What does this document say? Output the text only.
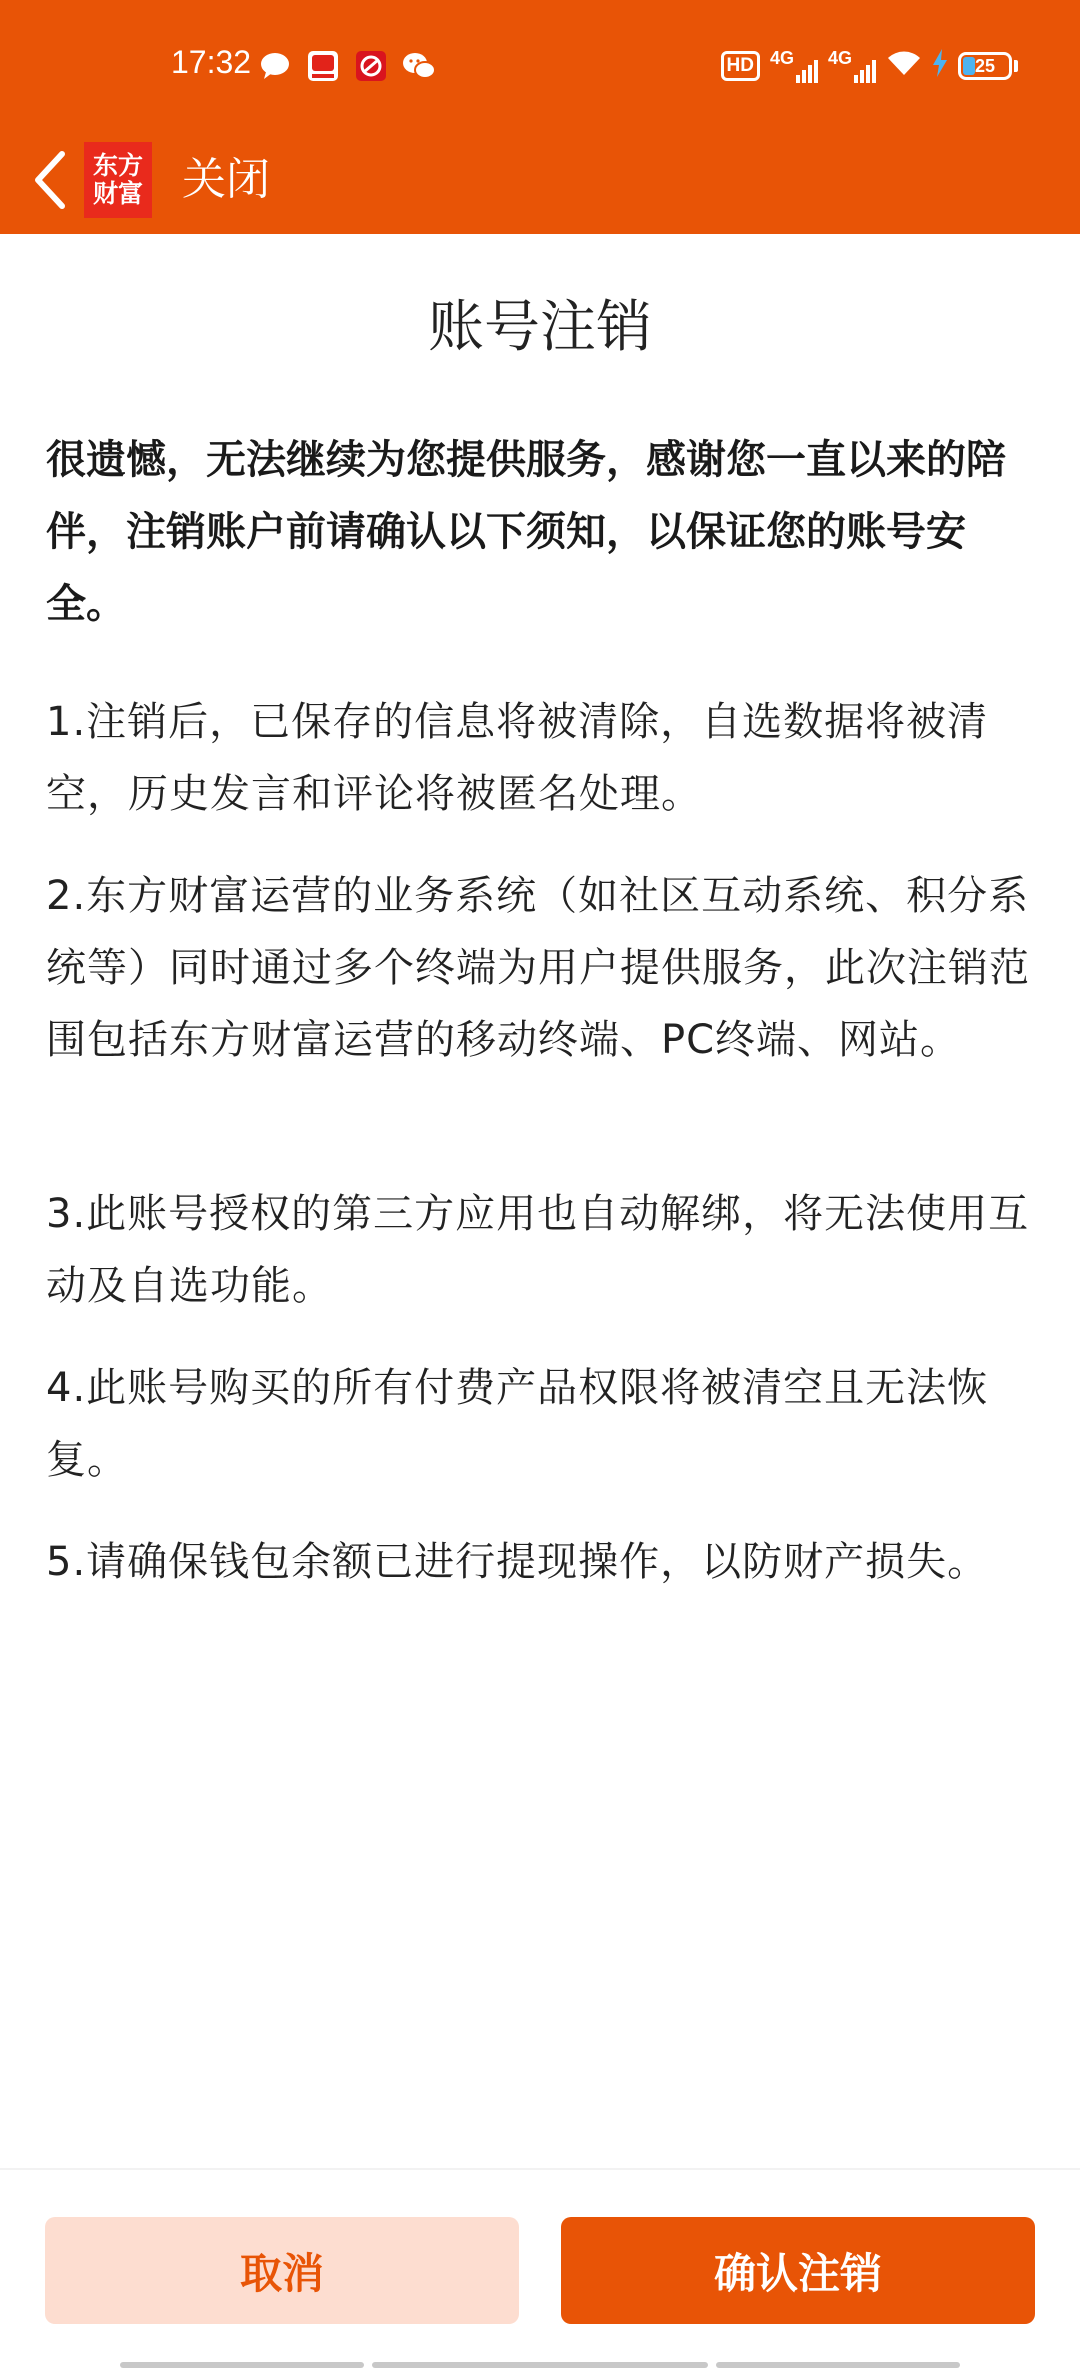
17:32	HD 4G 4G	25
东方
财富 关闭
账号注销

很遗憾，无法继续为您提供服务，感谢您一直以来的陪伴，注销账户前请确认以下须知，以保证您的账号安全。

1.注销后，已保存的信息将被清除，自选数据将被清空，历史发言和评论将被匿名处理。

2.东方财富运营的业务系统（如社区互动系统、积分系统等）同时通过多个终端为用户提供服务，此次注销范围包括东方财富运营的移动终端、PC终端、网站。

3.此账号授权的第三方应用也自动解绑，将无法使用互动及自选功能。

4.此账号购买的所有付费产品权限将被清空且无法恢复。

5.请确保钱包余额已进行提现操作，以防财产损失。

取消	确认注销
